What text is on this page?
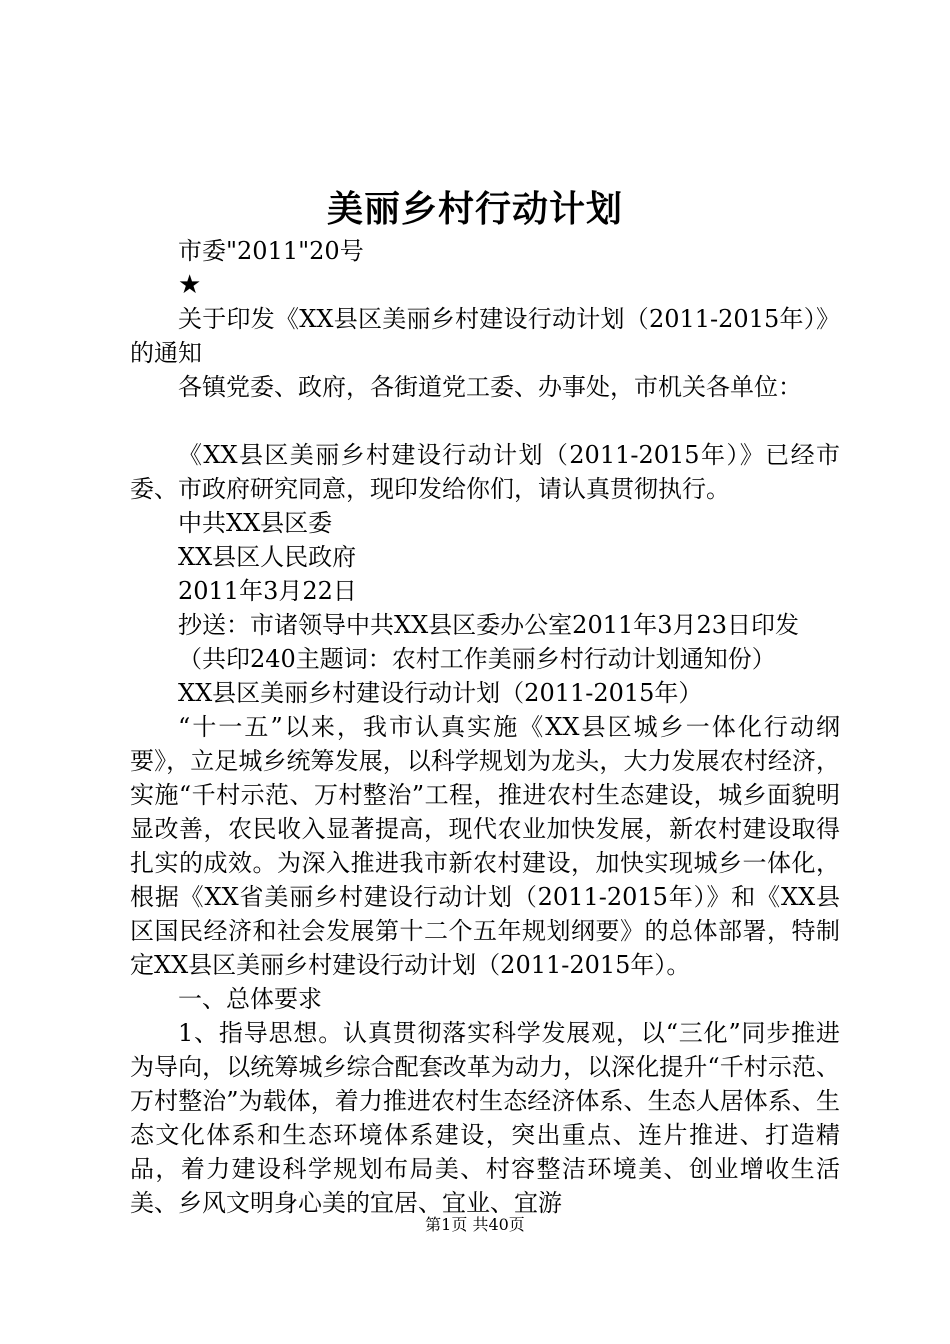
美丽乡村行动计划

市委"2011"20号

★

关于印发《XX县区美丽乡村建设行动计划（2011-2015年）》的通知

各镇党委、政府，各街道党工委、办事处，市机关各单位：

《XX县区美丽乡村建设行动计划（2011-2015年）》已经市委、市政府研究同意，现印发给你们，请认真贯彻执行。

中共XX县区委

XX县区人民政府

2011年3月22日

抄送：市诸领导中共XX县区委办公室2011年3月23日印发

（共印240主题词：农村工作美丽乡村行动计划通知份）

XX县区美丽乡村建设行动计划（2011-2015年）

“十一五”以来，我市认真实施《XX县区城乡一体化行动纲要》，立足城乡统筹发展，以科学规划为龙头，大力发展农村经济，实施“千村示范、万村整治”工程，推进农村生态建设，城乡面貌明显改善，农民收入显著提高，现代农业加快发展，新农村建设取得扎实的成效。为深入推进我市新农村建设，加快实现城乡一体化，根据《XX省美丽乡村建设行动计划（2011-2015年）》和《XX县区国民经济和社会发展第十二个五年规划纲要》的总体部署，特制定XX县区美丽乡村建设行动计划（2011-2015年）。

一、总体要求

1、指导思想。认真贯彻落实科学发展观，以“三化”同步推进为导向，以统筹城乡综合配套改革为动力，以深化提升“千村示范、万村整治”为载体，着力推进农村生态经济体系、生态人居体系、生态文化体系和生态环境体系建设，突出重点、连片推进、打造精品，着力建设科学规划布局美、村容整洁环境美、创业增收生活美、乡风文明身心美的宜居、宜业、宜游

第1页 共40页
